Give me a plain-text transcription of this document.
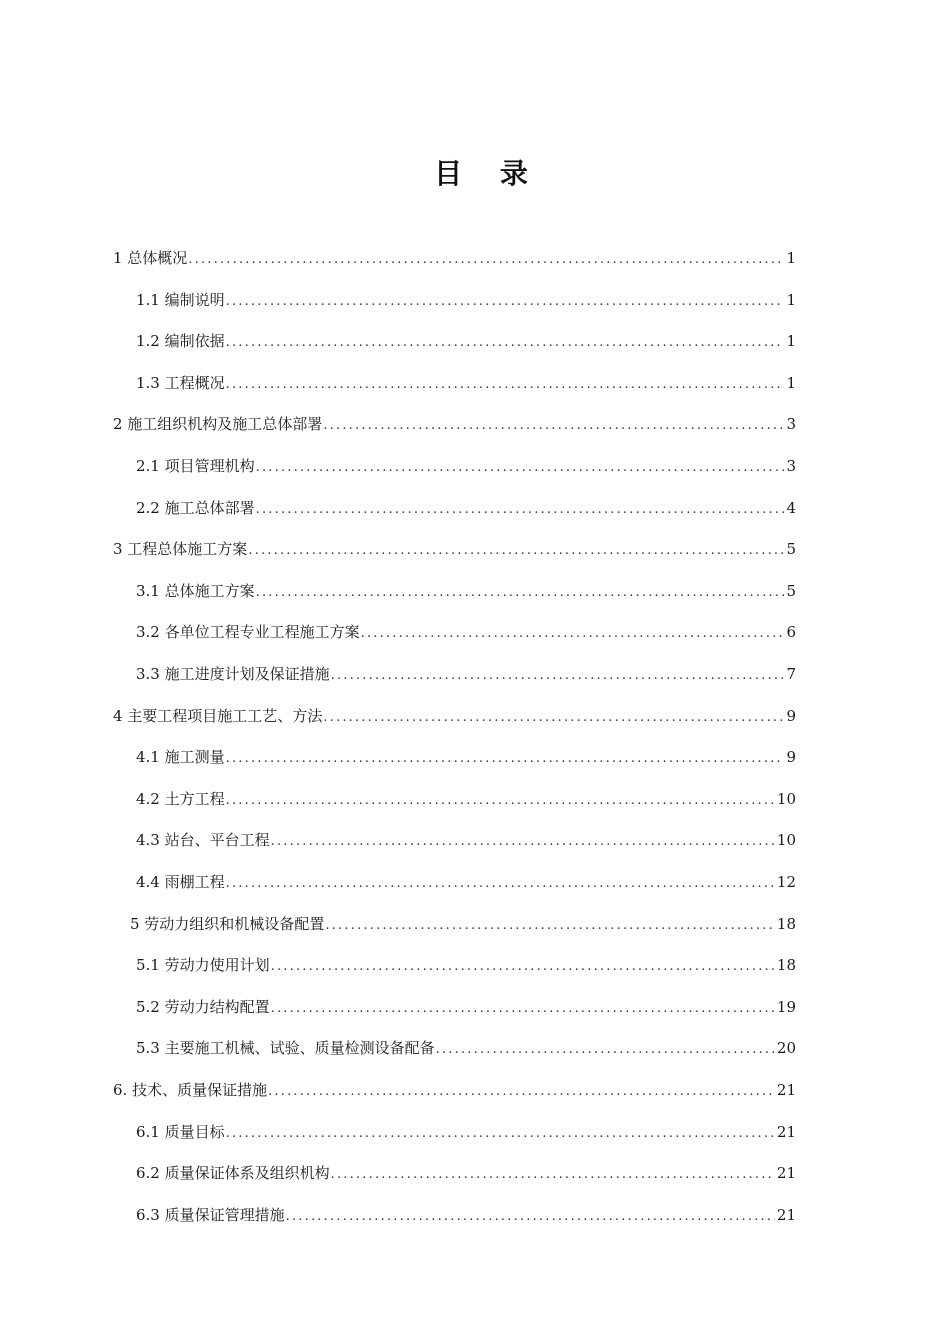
目 录
1 总体概况 .....	1
1.1 编制说明 .....	1
1.2 编制依据 .....	1
1.3 工程概况 .....	1
2 施工组织机构及施工总体部署 .....	3
2.1 项目管理机构 .....	3
2.2 施工总体部署 .....	4
3 工程总体施工方案 .....	5
3.1 总体施工方案 .....	5
3.2 各单位工程专业工程施工方案 .....	6
3.3 施工进度计划及保证措施 .....	7
4 主要工程项目施工工艺、方法 .....	9
4.1 施工测量 .....	9
4.2 土方工程 .....	10
4.3 站台、平台工程 .....	10
4.4 雨棚工程 .....	12
5 劳动力组织和机械设备配置 .....	18
5.1 劳动力使用计划 .....	18
5.2 劳动力结构配置 .....	19
5.3 主要施工机械、试验、质量检测设备配备 .....	20
6. 技术、质量保证措施 .....	21
6.1 质量目标 .....	21
6.2 质量保证体系及组织机构 .....	21
6.3 质量保证管理措施 .....	21
